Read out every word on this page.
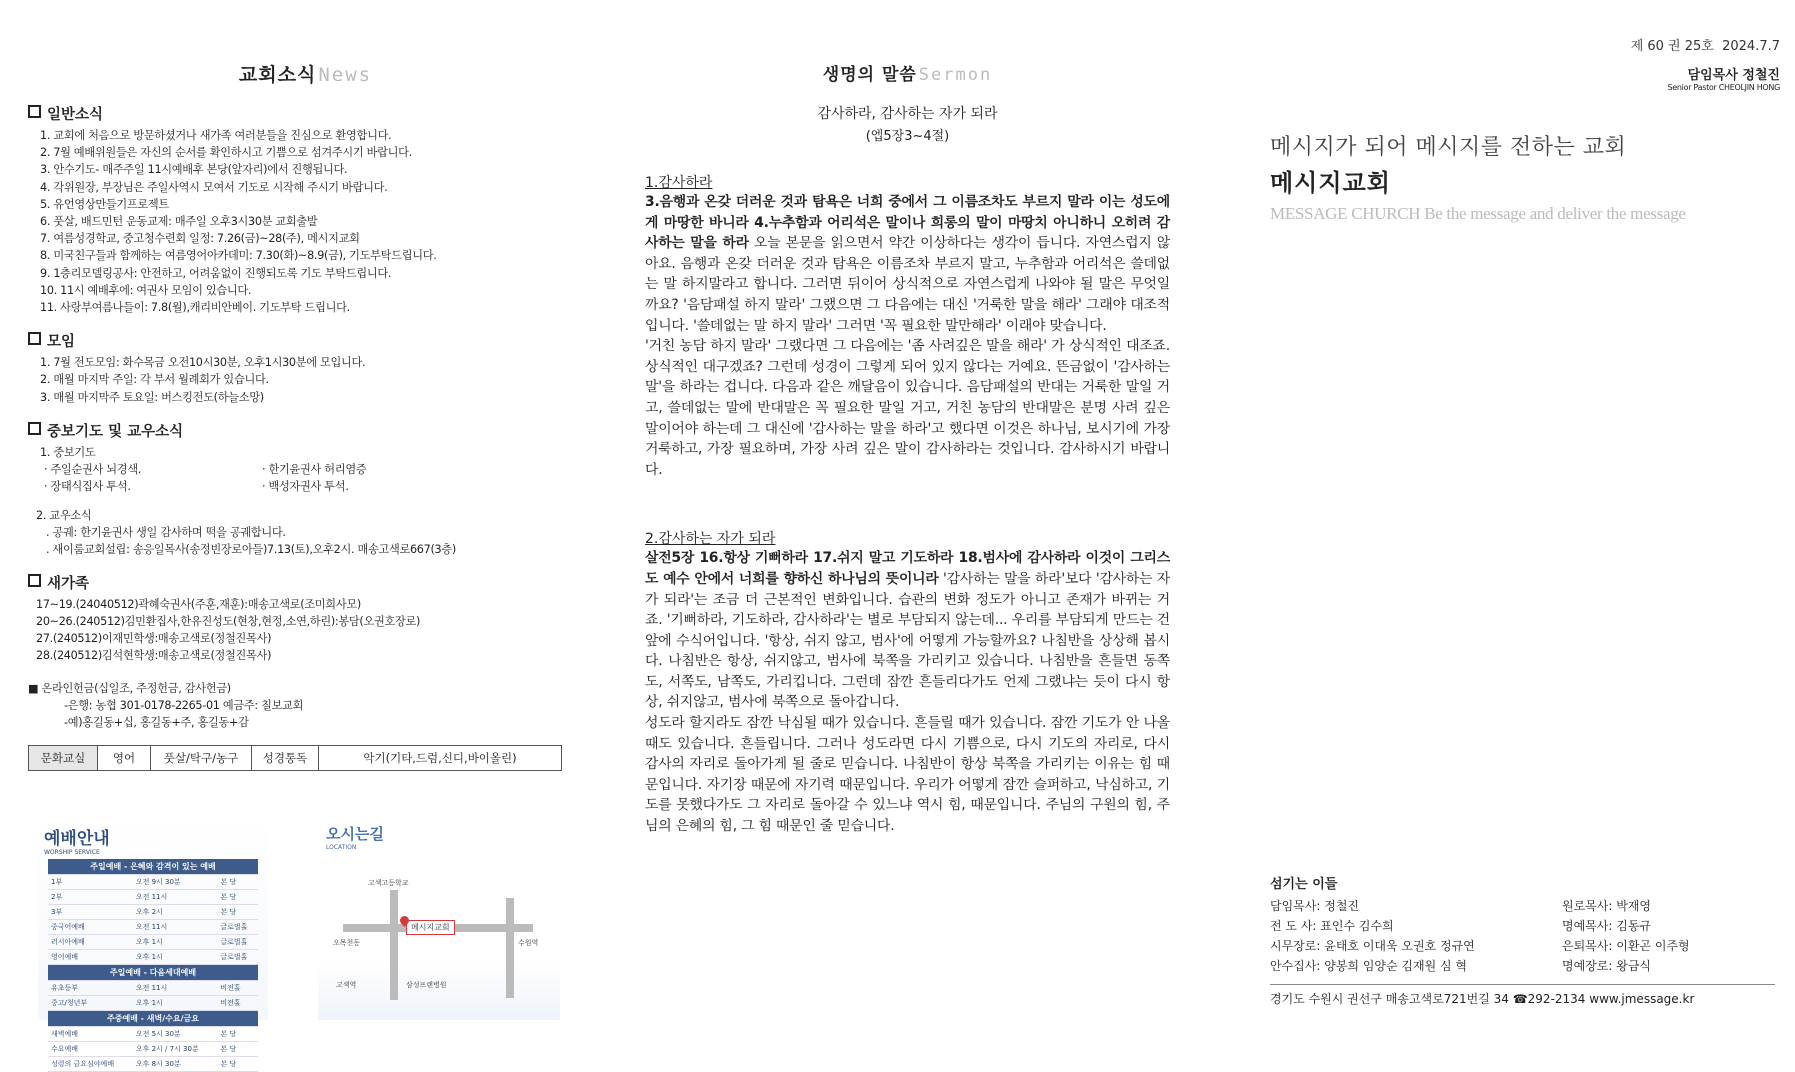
교회소식 News
일반소식
1. 교회에 처음으로 방문하셨거나 새가족 여러분들을 진심으로 환영합니다.
2. 7월 예배위원들은 자신의 순서를 확인하시고 기쁨으로 섬겨주시기 바랍니다.
3. 안수기도- 매주주일 11시예배후 본당(앞자리)에서 진행됩니다.
4. 각위원장, 부장님은 주일사역시 모여서 기도로 시작해 주시기 바랍니다.
5. 유언영상만들기프로젝트
6. 풋살, 배드민턴 운동교제: 매주일 오후3시30분 교회출발
7. 여름성경학교, 중고청수련회 일정: 7.26(금)~28(주), 메시지교회
8. 미국친구들과 함께하는 여름영어아카데미: 7.30(화)~8.9(금), 기도부탁드립니다.
9. 1층리모델링공사: 안전하고, 어려움없이 진행되도록 기도 부탁드립니다.
10. 11시 예배후에: 여권사 모임이 있습니다.
11. 사랑부여름나들이: 7.8(월),캐리비안베이. 기도부탁 드립니다.
모임
1. 7월 전도모임: 화수목금 오전10시30분, 오후1시30분에 모입니다.
2. 매월 마지막 주일: 각 부서 월례회가 있습니다.
3. 매월 마지막주 토요일: 버스킹전도(하늘소망)
중보기도 및 교우소식
1. 중보기도
· 주일순권사 뇌경색.	· 한기윤권사 허리염증
· 장태식집사 투석.	· 백성자권사 투석.
2. 교우소식
. 공궤: 한기윤권사 생일 감사하며 떡을 공궤합니다.
. 새이룸교회설립: 송응일목사(송정빈장로아들)7.13(토),오후2시. 매송고색로667(3층)
새가족
17~19.(24040512)곽혜숙권사(주훈,재훈):매송고색로(조미희사모)
20~26.(240512)김민환집사,한유진성도(현창,현정,소연,하린):봉담(오권호장로)
27.(240512)이재민학생:매송고색로(정철진목사)
28.(240512)김석현학생:매송고색로(정철진목사)
■ 온라인헌금(십일조, 주정헌금, 감사헌금)
-은행: 농협 301-0178-2265-01 예금주: 칠보교회
-예)홍길동+십, 홍길동+주, 홍길동+감
문화교실	영어	풋살/탁구/농구	성경통독	악기(기타,드럼,신디,바이올린)
예배안내
WORSHIP SERVICE
주일예배 - 은혜와 감격이 있는 예배		
1부	오전 9시 30분	본 당
2부	오전 11시	본 당
3부	오후 2시	본 당
중국어예배	오전 11시	글로벌홀
러시아예배	오후 1시	글로벌홀
영어예배	오후 1시	글로벌홀
주일예배 - 다음세대예배		
유초등부	오전 11시	비전홀
중고/청년부	오후 1시	비전홀
주중예배 - 새벽/수요/금요		
새벽예배	오전 5시 30분	본 당
수요예배	오후 2시 / 7시 30분	본 당
성령의 금요심야예배	오후 8시 30분	본 당
오시는길
LOCATION
고색고등학교
오목천동
메시지교회
수원역
고색역	삼성프랜병원
생명의 말씀 Sermon
감사하라, 감사하는 자가 되라
(엡5장3~4절)

1.감사하라

3.음행과 온갖 더러운 것과 탐욕은 너희 중에서 그 이름조차도 부르지 말라 이는 성도에게 마땅한 바니라 4.누추함과 어리석은 말이나 희롱의 말이 마땅치 아니하니 오히려 감사하는 말을 하라 오늘 본문을 읽으면서 약간 이상하다는 생각이 듭니다. 자연스럽지 않아요. 음행과 온갖 더러운 것과 탐욕은 이름조차 부르지 말고, 누추함과 어리석은 쓸데없는 말 하지말라고 합니다. 그러면 뒤이어 상식적으로 자연스럽게 나와야 될 말은 무엇일까요? '음담패설 하지 말라' 그랬으면 그 다음에는 대신 '거룩한 말을 해라' 그래야 대조적입니다. '쓸데없는 말 하지 말라' 그러면 '꼭 필요한 말만해라' 이래야 맞습니다.

'거친 농담 하지 말라' 그랬다면 그 다음에는 '좀 사려깊은 말을 해라' 가 상식적인 대조죠. 상식적인 대구겠죠? 그런데 성경이 그렇게 되어 있지 않다는 거예요. 뜬금없이 '감사하는 말'을 하라는 겁니다. 다음과 같은 깨달음이 있습니다. 음담패설의 반대는 거룩한 말일 거고, 쓸데없는 말에 반대말은 꼭 필요한 말일 거고, 거친 농담의 반대말은 분명 사려 깊은 말이어야 하는데 그 대신에 '감사하는 말을 하라'고 했다면 이것은 하나님, 보시기에 가장 거룩하고, 가장 필요하며, 가장 사려 깊은 말이 감사하라는 것입니다. 감사하시기 바랍니다.

2.감사하는 자가 되라

살전5장 16.항상 기뻐하라 17.쉬지 말고 기도하라 18.범사에 감사하라 이것이 그리스도 예수 안에서 너희를 향하신 하나님의 뜻이니라 '감사하는 말을 하라'보다 '감사하는 자가 되라'는 조금 더 근본적인 변화입니다. 습관의 변화 정도가 아니고 존재가 바뀌는 거죠. '기뻐하라, 기도하라, 감사하라'는 별로 부담되지 않는데... 우리를 부담되게 만드는 건 앞에 수식어입니다. '항상, 쉬지 않고, 범사'에 어떻게 가능할까요? 나침반을 상상해 봅시다. 나침반은 항상, 쉬지않고, 범사에 북쪽을 가리키고 있습니다. 나침반을 흔들면 동쪽도, 서쪽도, 남쪽도, 가리킵니다. 그런데 잠깐 흔들리다가도 언제 그랬냐는 듯이 다시 항상, 쉬지않고, 범사에 북쪽으로 돌아갑니다.

성도라 할지라도 잠깐 낙심될 때가 있습니다. 흔들릴 때가 있습니다. 잠깐 기도가 안 나올 때도 있습니다. 흔들립니다. 그러나 성도라면 다시 기쁨으로, 다시 기도의 자리로, 다시 감사의 자리로 돌아가게 될 줄로 믿습니다. 나침반이 항상 북쪽을 가리키는 이유는 힘 때문입니다. 자기장 때문에 자기력 때문입니다. 우리가 어떻게 잠깐 슬퍼하고, 낙심하고, 기도를 못했다가도 그 자리로 돌아갈 수 있느냐 역시 힘, 때문입니다. 주님의 구원의 힘, 주님의 은혜의 힘, 그 힘 때문인 줄 믿습니다.

제 60 권 25호 2024.7.7
담임목사 정철진
Senior Pastor CHEOLJIN HONG
메시지가 되어 메시지를 전하는 교회
메시지교회
MESSAGE CHURCH Be the message and deliver the message
섬기는 이들
담임목사: 정철진	원로목사: 박재영
전 도 사: 표인수 김수희	명예목사: 김동규
시무장로: 윤태호 이대욱 오권호 정규연	은퇴목사: 이환곤 이주형
안수집사: 양봉희 임양순 김재원 심 혁	명예장로: 왕금식
경기도 수원시 권선구 매송고색로721번길 34 ☎292-2134 www.jmessage.kr
